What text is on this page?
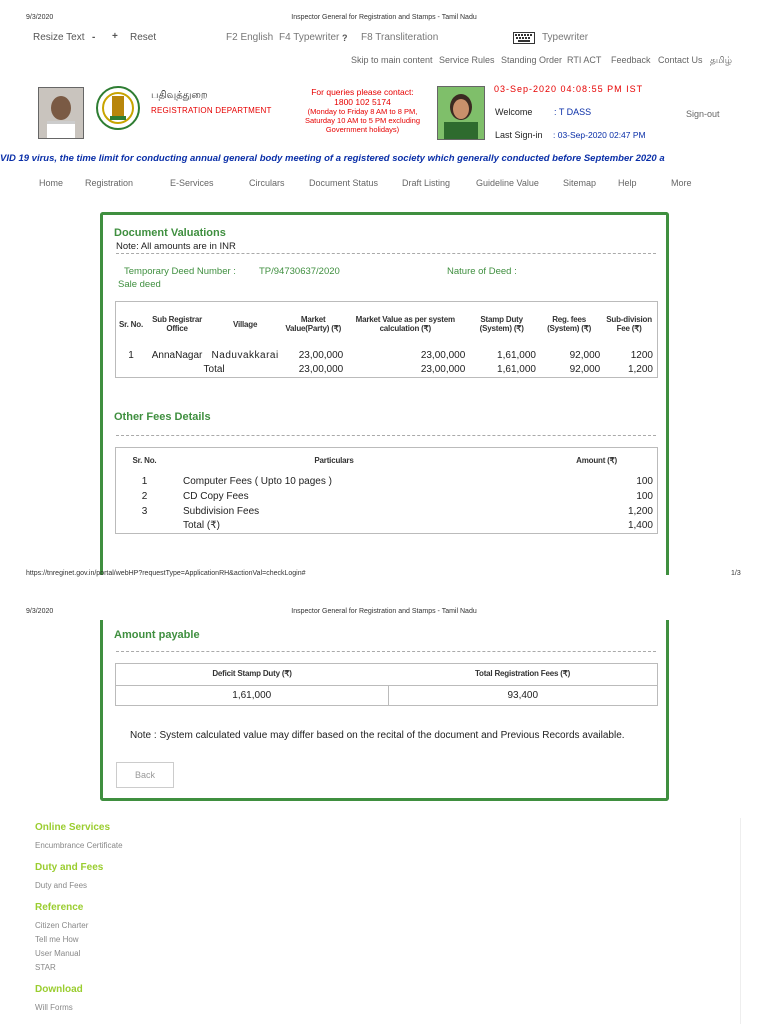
9/3/2020	Inspector General for Registration and Stamps - Tamil Nadu
Resize Text - + Reset	F2 English F4 Typewriter ? F8 Transliteration	Typewriter
Skip to main content Service Rules Standing Order RTI ACT Feedback Contact Us தமிழ்
பதிவுத்துறை
REGISTRATION DEPARTMENT
For queries please contact:
1800 102 5174
(Monday to Friday 8 AM to 8 PM,
Saturday 10 AM to 5 PM excluding
Government holidays)
03-Sep-2020 04:08:55 PM IST
Welcome : T DASS	Sign-out
Last Sign-in : 03-Sep-2020 02:47 PM
VID 19 virus, the time limit for conducting annual general body meeting of a registered society which generally conducted before September 2020 a
Home Registration	E-Services	Circulars	Document Status	Draft Listing	Guideline Value	Sitemap Help	More
Document Valuations
Note: All amounts are in INR
Temporary Deed Number : TP/94730637/2020	Nature of Deed :
Sale deed
Sr. No.	Sub Registrar Office	Village	Market Value(Party) (₹)	Market Value as per system calculation (₹)	Stamp Duty (System) (₹)	Reg. fees (System) (₹)	Sub-division Fee (₹)
1	AnnaNagar	Naduvakkarai	23,00,000	23,00,000	1,61,000	92,000	1200
	Total		23,00,000	23,00,000	1,61,000	92,000	1,200
Other Fees Details
Sr. No.	Particulars	Amount (₹)
1	Computer Fees ( Upto 10 pages )	100
2	CD Copy Fees	100
3	Subdivision Fees	1,200
	Total (₹)	1,400
https://tnreginet.gov.in/portal/webHP?requestType=ApplicationRH&actionVal=checkLogin#	1/3
9/3/2020	Inspector General for Registration and Stamps - Tamil Nadu
Amount payable
Deficit Stamp Duty (₹)	Total Registration Fees (₹)
1,61,000	93,400
Note : System calculated value may differ based on the recital of the document and Previous Records available.
Back
Online Services
Encumbrance Certificate
Duty and Fees
Duty and Fees
Reference
Citizen Charter
Tell me How
User Manual
STAR
Download
Will Forms
